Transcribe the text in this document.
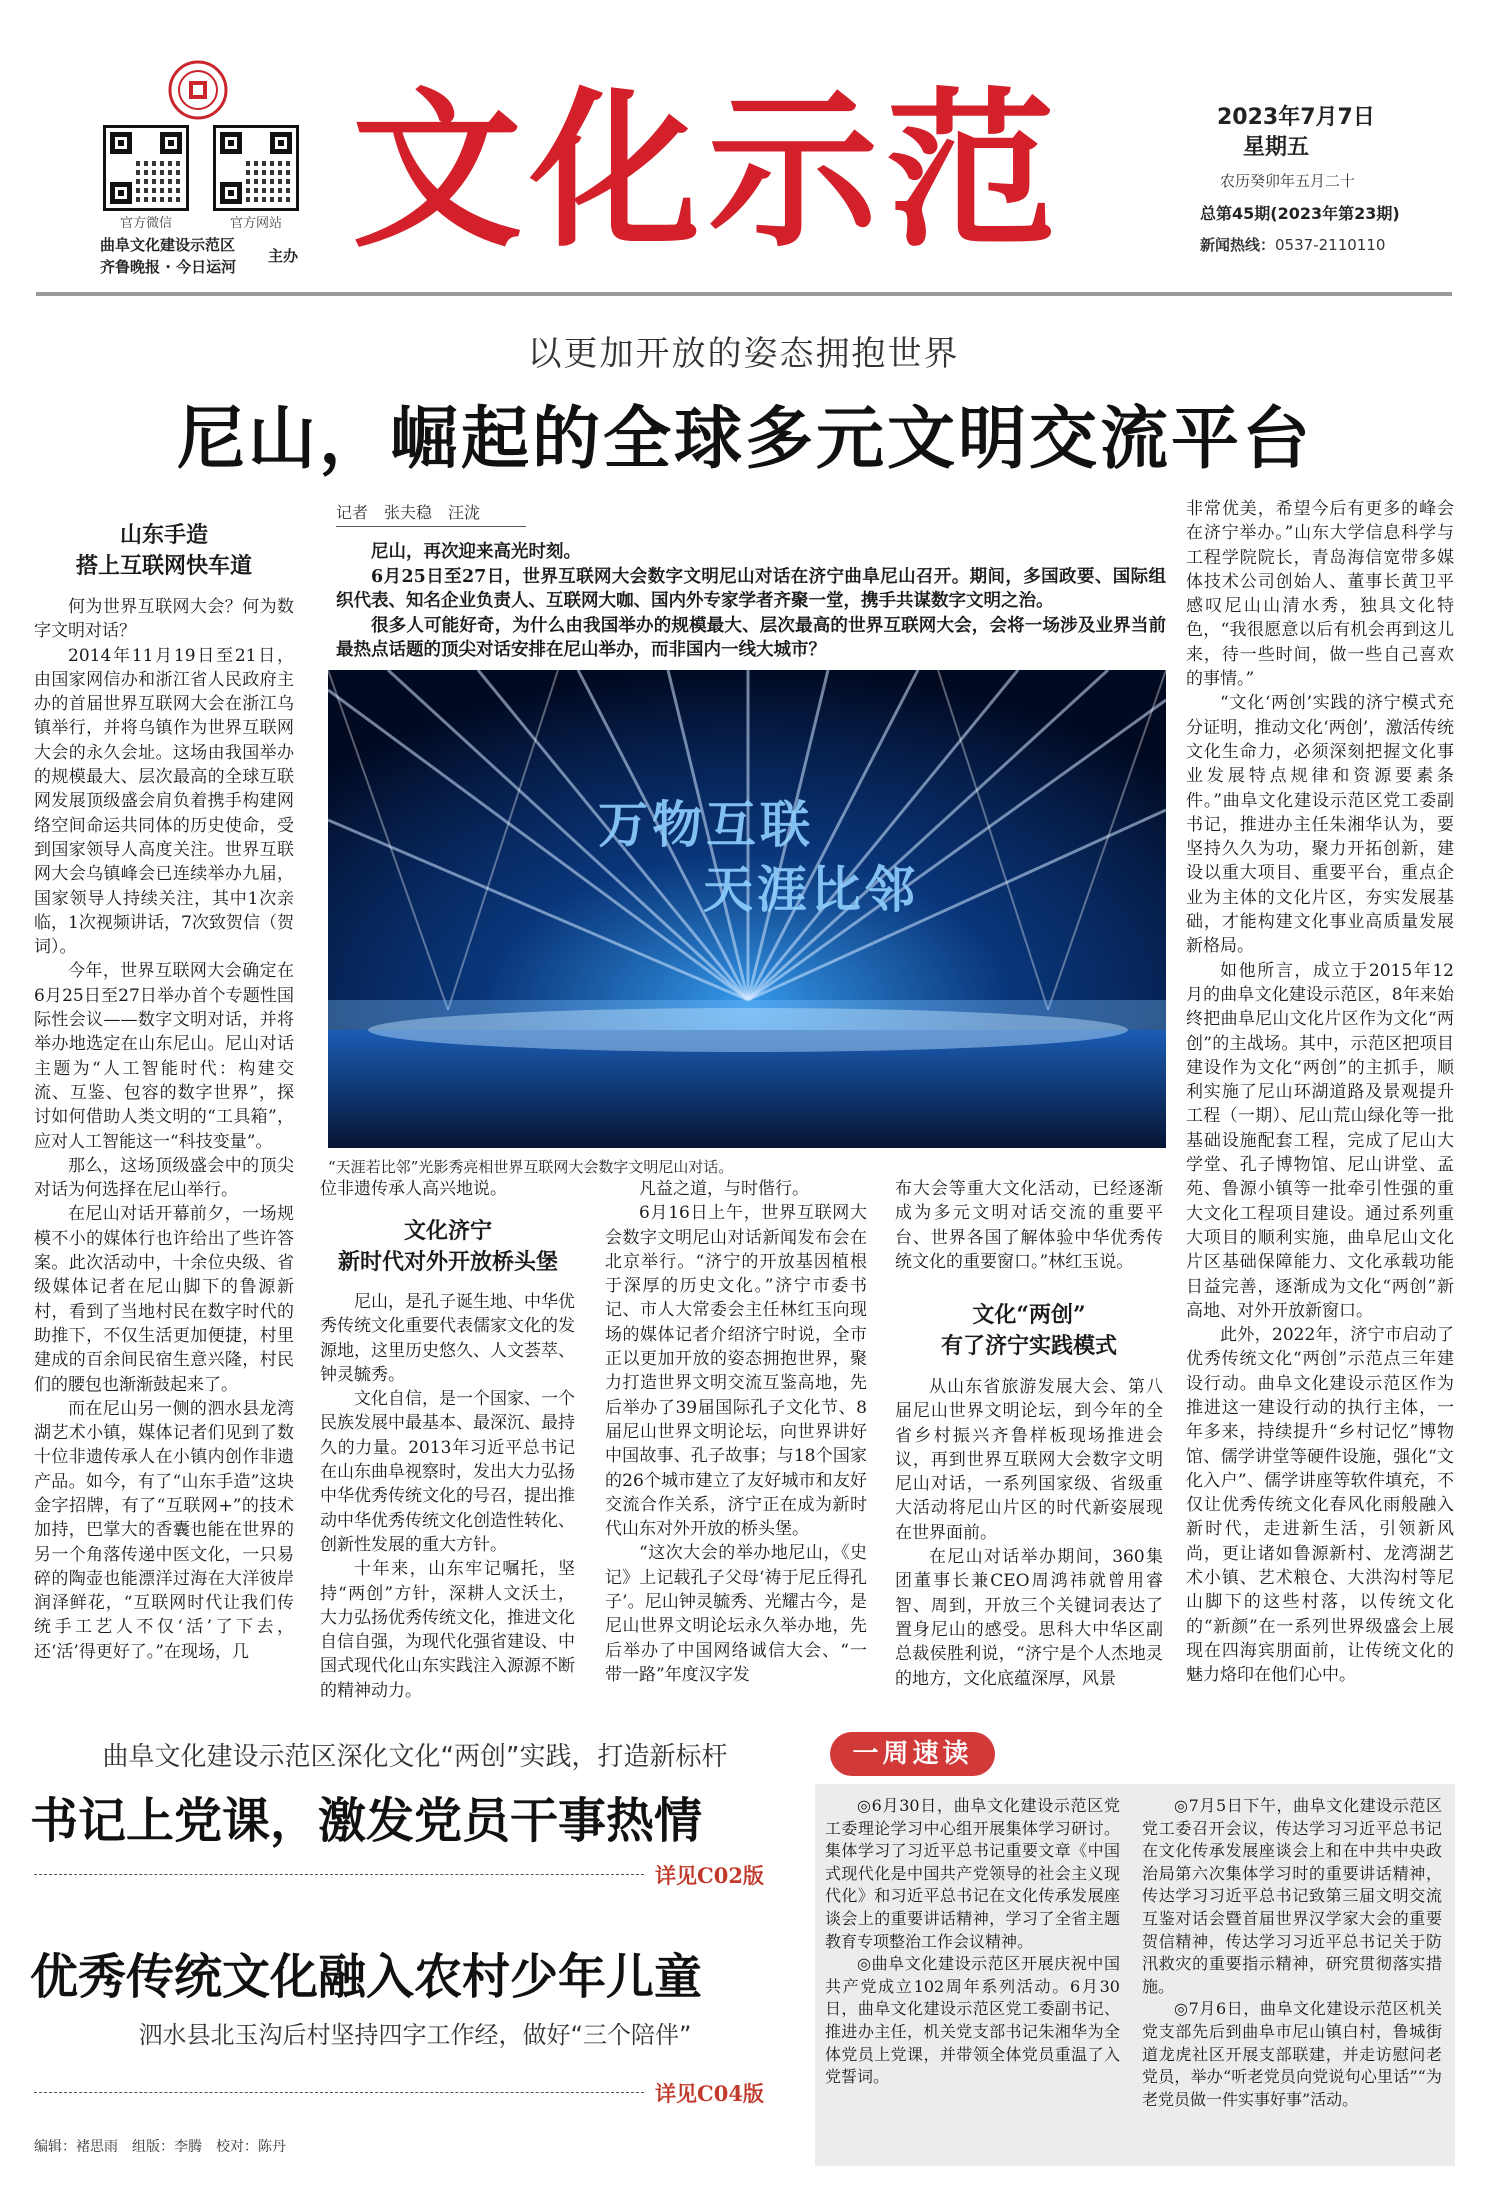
官方微信	官方网站
曲阜文化建设示范区
齐鲁晚报 · 今日运河
主办 文化示范	2023年7月7日
星期五
农历癸卯年五月二十
总第45期(2023年第23期)
新闻热线：0537-2110110
以更加开放的姿态拥抱世界
尼山，崛起的全球多元文明交流平台
山东手造
搭上互联网快车道

何为世界互联网大会？何为数字文明对话？

2014年11月19日至21日，由国家网信办和浙江省人民政府主办的首届世界互联网大会在浙江乌镇举行，并将乌镇作为世界互联网大会的永久会址。这场由我国举办的规模最大、层次最高的全球互联网发展顶级盛会肩负着携手构建网络空间命运共同体的历史使命，受到国家领导人高度关注。世界互联网大会乌镇峰会已连续举办九届，国家领导人持续关注，其中1次亲临，1次视频讲话，7次致贺信（贺词）。

今年，世界互联网大会确定在6月25日至27日举办首个专题性国际性会议——数字文明对话，并将举办地选定在山东尼山。尼山对话主题为“人工智能时代：构建交流、互鉴、包容的数字世界”，探讨如何借助人类文明的“工具箱”，应对人工智能这一“科技变量”。

那么，这场顶级盛会中的顶尖对话为何选择在尼山举行。

在尼山对话开幕前夕，一场规模不小的媒体行也许给出了些许答案。此次活动中，十余位央级、省级媒体记者在尼山脚下的鲁源新村，看到了当地村民在数字时代的助推下，不仅生活更加便捷，村里建成的百余间民宿生意兴隆，村民们的腰包也渐渐鼓起来了。

而在尼山另一侧的泗水县龙湾湖艺术小镇，媒体记者们见到了数十位非遗传承人在小镇内创作非遗产品。如今，有了“山东手造”这块金字招牌，有了“互联网+”的技术加持，巴掌大的香囊也能在世界的另一个角落传递中医文化，一只易碎的陶壶也能漂洋过海在大洋彼岸润泽鲜花，“互联网时代让我们传统手工艺人不仅‘活’了下去，还‘活’得更好了。”在现场，几

记者　张夫稳　汪泷

尼山，再次迎来高光时刻。

6月25日至27日，世界互联网大会数字文明尼山对话在济宁曲阜尼山召开。期间，多国政要、国际组织代表、知名企业负责人、互联网大咖、国内外专家学者齐聚一堂，携手共谋数字文明之治。

很多人可能好奇，为什么由我国举办的规模最大、层次最高的世界互联网大会，会将一场涉及业界当前最热点话题的顶尖对话安排在尼山举办，而非国内一线大城市？

万物互联
天涯比邻
“天涯若比邻”光影秀亮相世界互联网大会数字文明尼山对话。
位非遗传承人高兴地说。
文化济宁
新时代对外开放桥头堡

尼山，是孔子诞生地、中华优秀传统文化重要代表儒家文化的发源地，这里历史悠久、人文荟萃、钟灵毓秀。

文化自信，是一个国家、一个民族发展中最基本、最深沉、最持久的力量。2013年习近平总书记在山东曲阜视察时，发出大力弘扬中华优秀传统文化的号召，提出推动中华优秀传统文化创造性转化、创新性发展的重大方针。

十年来，山东牢记嘱托，坚持“两创”方针，深耕人文沃土，大力弘扬优秀传统文化，推进文化自信自强，为现代化强省建设、中国式现代化山东实践注入源源不断的精神动力。

凡益之道，与时偕行。

6月16日上午，世界互联网大会数字文明尼山对话新闻发布会在北京举行。“济宁的开放基因植根于深厚的历史文化。”济宁市委书记、市人大常委会主任林红玉向现场的媒体记者介绍济宁时说，全市正以更加开放的姿态拥抱世界，聚力打造世界文明交流互鉴高地，先后举办了39届国际孔子文化节、8届尼山世界文明论坛，向世界讲好中国故事、孔子故事；与18个国家的26个城市建立了友好城市和友好交流合作关系，济宁正在成为新时代山东对外开放的桥头堡。

“这次大会的举办地尼山，《史记》上记载孔子父母‘祷于尼丘得孔子’。尼山钟灵毓秀、光耀古今，是尼山世界文明论坛永久举办地，先后举办了中国网络诚信大会、“一带一路”年度汉字发

布大会等重大文化活动，已经逐渐成为多元文明对话交流的重要平台、世界各国了解体验中华优秀传统文化的重要窗口。”林红玉说。
文化“两创”
有了济宁实践模式

从山东省旅游发展大会、第八届尼山世界文明论坛，到今年的全省乡村振兴齐鲁样板现场推进会议，再到世界互联网大会数字文明尼山对话，一系列国家级、省级重大活动将尼山片区的时代新姿展现在世界面前。

在尼山对话举办期间，360集团董事长兼CEO周鸿祎就曾用睿智、周到，开放三个关键词表达了置身尼山的感受。思科大中华区副总裁侯胜利说，“济宁是个人杰地灵的地方，文化底蕴深厚，风景

非常优美，希望今后有更多的峰会在济宁举办。”山东大学信息科学与工程学院院长，青岛海信宽带多媒体技术公司创始人、董事长黄卫平感叹尼山山清水秀，独具文化特色，“我很愿意以后有机会再到这儿来，待一些时间，做一些自己喜欢的事情。”

“文化‘两创’实践的济宁模式充分证明，推动文化‘两创’，激活传统文化生命力，必须深刻把握文化事业发展特点规律和资源要素条件。”曲阜文化建设示范区党工委副书记，推进办主任朱湘华认为，要坚持久久为功，聚力开拓创新，建设以重大项目、重要平台，重点企业为主体的文化片区，夯实发展基础，才能构建文化事业高质量发展新格局。

如他所言，成立于2015年12月的曲阜文化建设示范区，8年来始终把曲阜尼山文化片区作为文化“两创”的主战场。其中，示范区把项目建设作为文化“两创”的主抓手，顺利实施了尼山环湖道路及景观提升工程（一期）、尼山荒山绿化等一批基础设施配套工程，完成了尼山大学堂、孔子博物馆、尼山讲堂、孟苑、鲁源小镇等一批牵引性强的重大文化工程项目建设。通过系列重大项目的顺利实施，曲阜尼山文化片区基础保障能力、文化承载功能日益完善，逐渐成为文化“两创”新高地、对外开放新窗口。

此外，2022年，济宁市启动了优秀传统文化“两创”示范点三年建设行动。曲阜文化建设示范区作为推进这一建设行动的执行主体，一年多来，持续提升“乡村记忆”博物馆、儒学讲堂等硬件设施，强化“文化入户”、儒学讲座等软件填充，不仅让优秀传统文化春风化雨般融入新时代，走进新生活，引领新风尚，更让诸如鲁源新村、龙湾湖艺术小镇、艺术粮仓、大洪沟村等尼山脚下的这些村落，以传统文化的“新颜”在一系列世界级盛会上展现在四海宾朋面前，让传统文化的魅力烙印在他们心中。

曲阜文化建设示范区深化文化“两创”实践，打造新标杆
书记上党课，激发党员干事热情
详见C02版
优秀传统文化融入农村少年儿童
泗水县北玉沟后村坚持四字工作经，做好“三个陪伴”
详见C04版
编辑：褚思雨　组版：李腾　校对：陈丹
一周速读

◎6月30日，曲阜文化建设示范区党工委理论学习中心组开展集体学习研讨。集体学习了习近平总书记重要文章《中国式现代化是中国共产党领导的社会主义现代化》和习近平总书记在文化传承发展座谈会上的重要讲话精神，学习了全省主题教育专项整治工作会议精神。

◎曲阜文化建设示范区开展庆祝中国共产党成立102周年系列活动。6月30日，曲阜文化建设示范区党工委副书记、推进办主任，机关党支部书记朱湘华为全体党员上党课，并带领全体党员重温了入党誓词。

◎7月5日下午，曲阜文化建设示范区党工委召开会议，传达学习习近平总书记在文化传承发展座谈会上和在中共中央政治局第六次集体学习时的重要讲话精神，传达学习习近平总书记致第三届文明交流互鉴对话会暨首届世界汉学家大会的重要贺信精神，传达学习习近平总书记关于防汛救灾的重要指示精神，研究贯彻落实措施。

◎7月6日，曲阜文化建设示范区机关党支部先后到曲阜市尼山镇白村，鲁城街道龙虎社区开展支部联建，并走访慰问老党员，举办“听老党员向党说句心里话”“为老党员做一件实事好事”活动。
